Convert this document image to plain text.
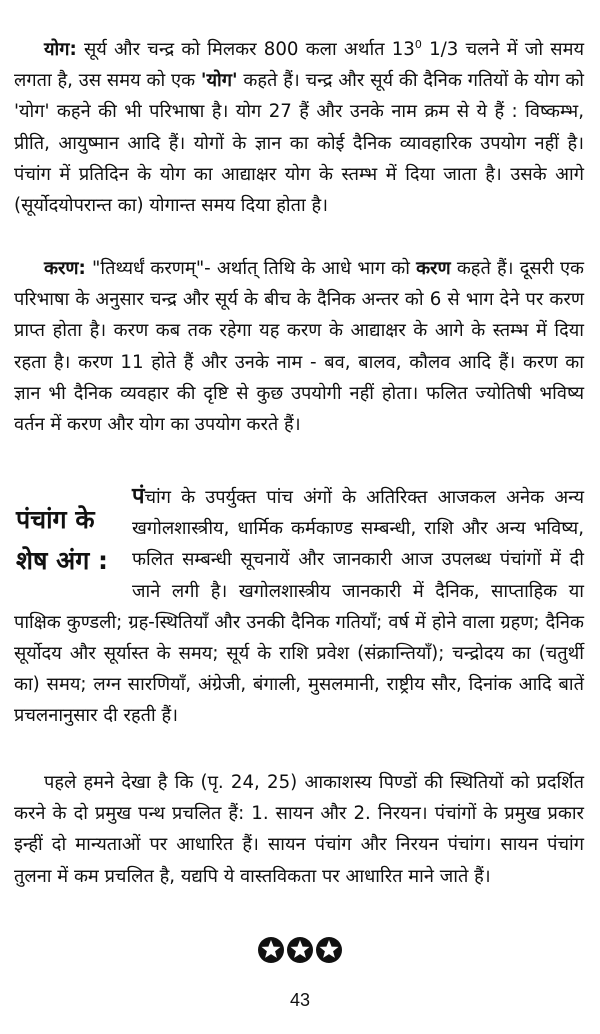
योग: सूर्य और चन्द्र को मिलकर 800 कला अर्थात $13^0$ 1/3 चलने में जो समय लगता है, उस समय को एक 'योग' कहते हैं। चन्द्र और सूर्य की दैनिक गतियों के योग को 'योग' कहने की भी परिभाषा है। योग 27 हैं और उनके नाम क्रम से ये हैं : विष्कम्भ, प्रीति, आयुष्मान आदि हैं। योगों के ज्ञान का कोई दैनिक व्यावहारिक उपयोग नहीं है। पंचांग में प्रतिदिन के योग का आद्याक्षर योग के स्तम्भ में दिया जाता है। उसके आगे (सूर्योदयोपरान्त का) योगान्त समय दिया होता है।

करण: "तिथ्यर्धं करणम्"- अर्थात् तिथि के आधे भाग को करण कहते हैं। दूसरी एक परिभाषा के अनुसार चन्द्र और सूर्य के बीच के दैनिक अन्तर को 6 से भाग देने पर करण प्राप्त होता है। करण कब तक रहेगा यह करण के आद्याक्षर के आगे के स्तम्भ में दिया रहता है। करण 11 होते हैं और उनके नाम - बव, बालव, कौलव आदि हैं। करण का ज्ञान भी दैनिक व्यवहार की दृष्टि से कुछ उपयोगी नहीं होता। फलित ज्योतिषी भविष्य वर्तन में करण और योग का उपयोग करते हैं।

पंचांग के
शेष अंग :

पंचांग के उपर्युक्त पांच अंगों के अतिरिक्त आजकल अनेक अन्य खगोलशास्त्रीय, धार्मिक कर्मकाण्ड सम्बन्धी, राशि और अन्य भविष्य, फलित सम्बन्धी सूचनायें और जानकारी आज उपलब्ध पंचांगों में दी जाने लगी है। खगोलशास्त्रीय जानकारी में दैनिक, साप्ताहिक या पाक्षिक कुण्डली; ग्रह-स्थितियाँ और उनकी दैनिक गतियाँ; वर्ष में होने वाला ग्रहण; दैनिक सूर्योदय और सूर्यास्त के समय; सूर्य के राशि प्रवेश (संक्रान्तियाँ); चन्द्रोदय का (चतुर्थी का) समय; लग्न सारणियाँ, अंग्रेजी, बंगाली, मुसलमानी, राष्ट्रीय सौर, दिनांक आदि बातें प्रचलनानुसार दी रहती हैं।

पहले हमने देखा है कि (पृ. 24, 25) आकाशस्य पिण्डों की स्थितियों को प्रदर्शित करने के दो प्रमुख पन्थ प्रचलित हैं: 1. सायन और 2. निरयन। पंचांगों के प्रमुख प्रकार इन्हीं दो मान्यताओं पर आधारित हैं। सायन पंचांग और निरयन पंचांग। सायन पंचांग तुलना में कम प्रचलित है, यद्यपि ये वास्तविकता पर आधारित माने जाते हैं।

43
